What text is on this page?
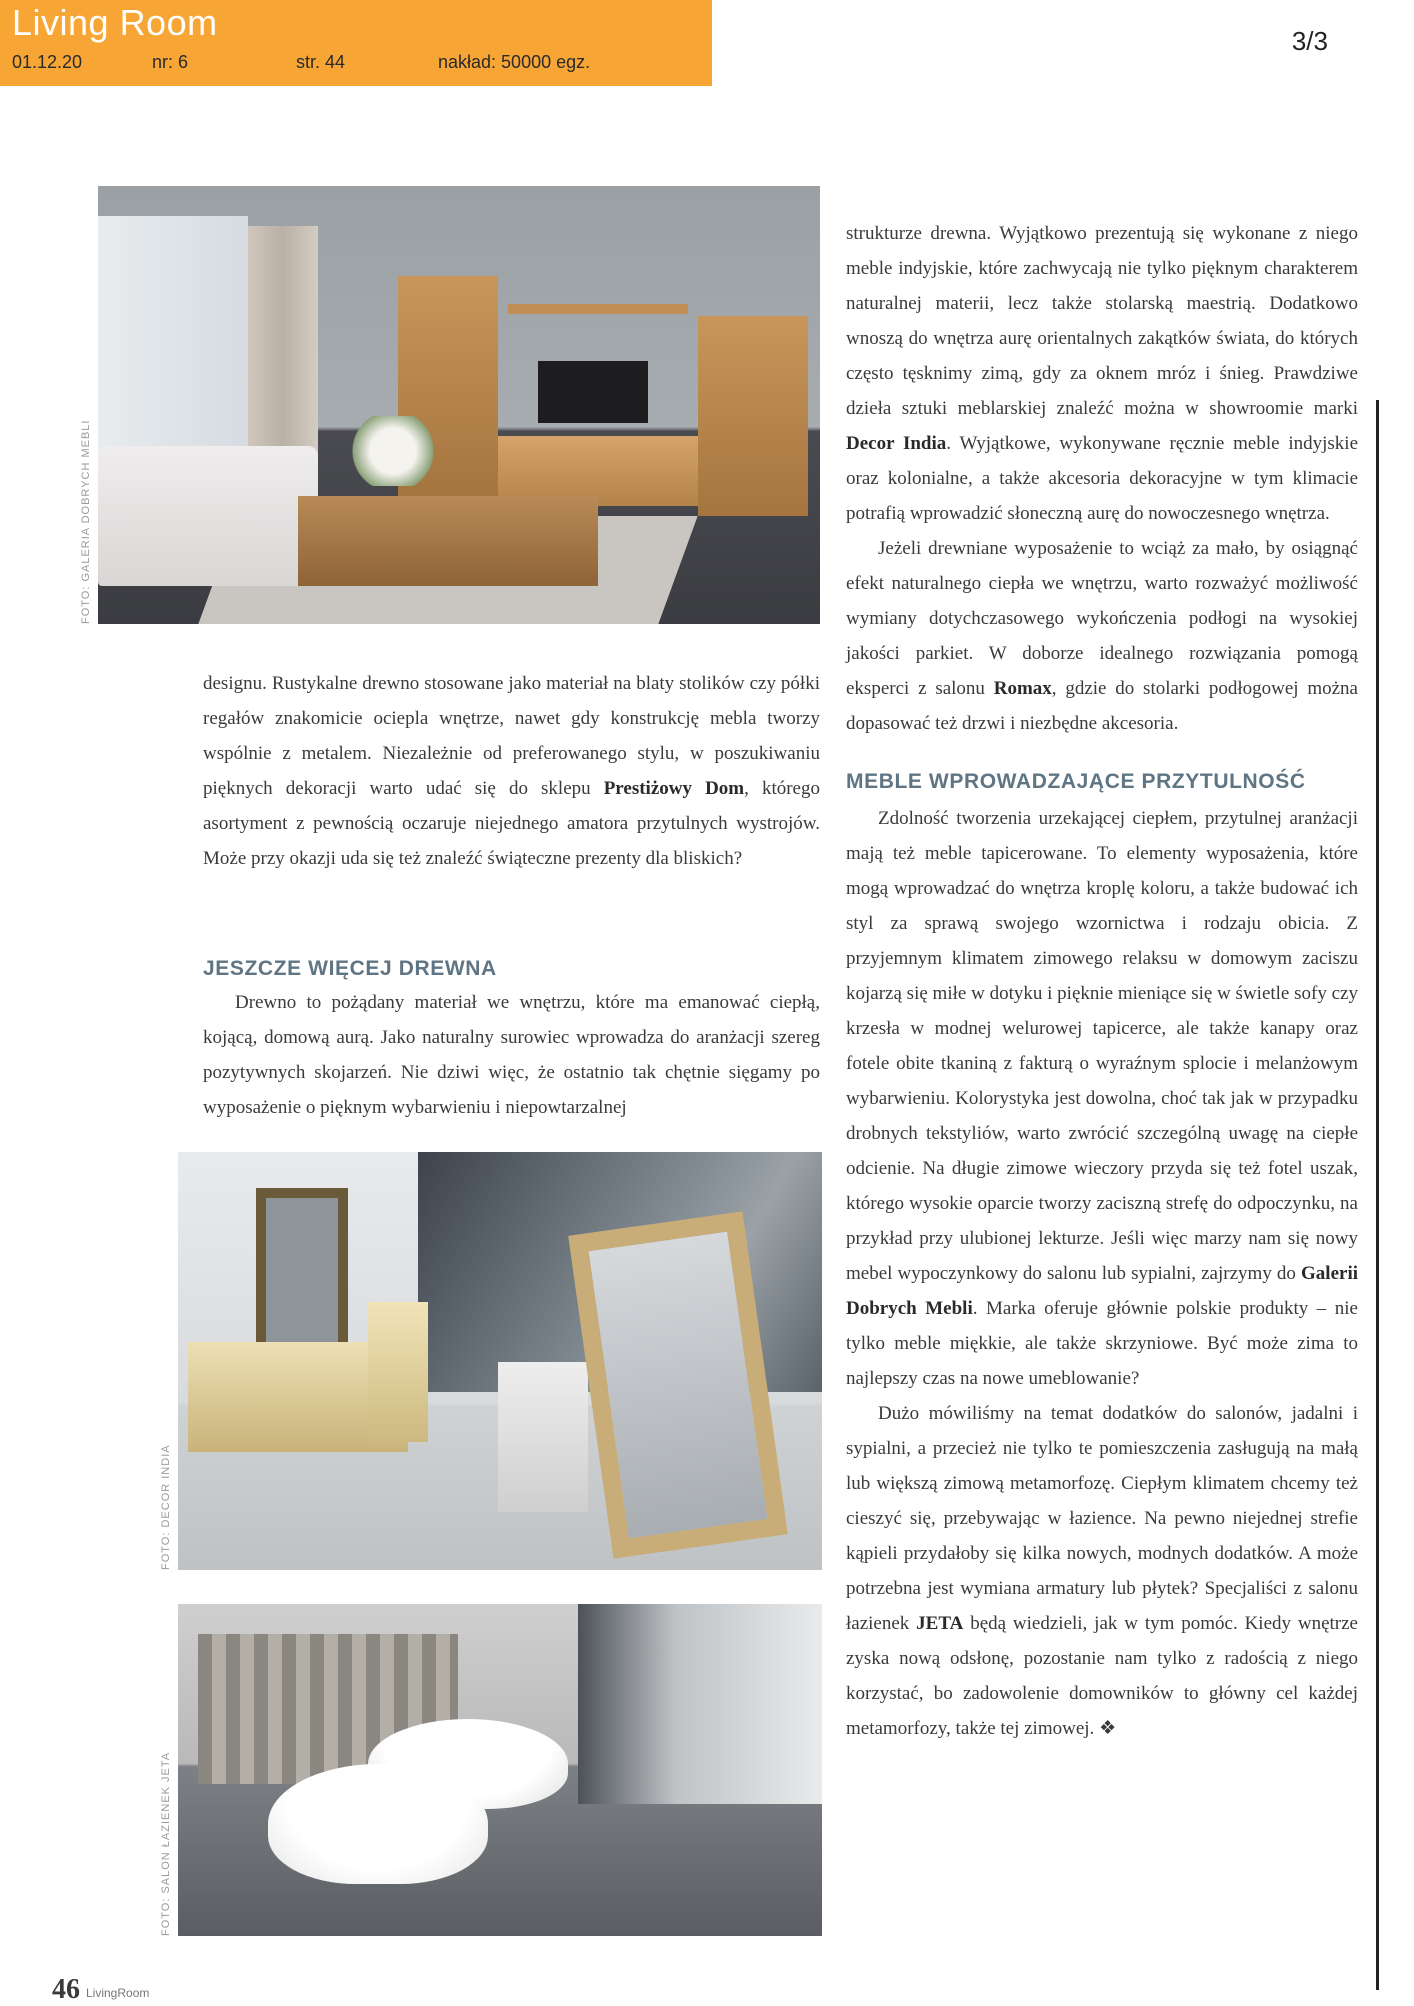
Living Room
01.12.20	nr: 6	str. 44	nakład: 50000 egz.
3/3
FOTO: GALERIA DOBRYCH MEBLI

designu. Rustykalne drewno stosowane jako materiał na blaty stolików czy półki regałów znakomicie ociepla wnętrze, nawet gdy konstrukcję mebla tworzy wspólnie z metalem. Niezależnie od preferowanego stylu, w poszukiwaniu pięknych dekoracji warto udać się do sklepu Prestiżowy Dom, którego asortyment z pewnością oczaruje niejednego amatora przytulnych wystrojów. Może przy okazji uda się też znaleźć świąteczne prezenty dla bliskich?

JESZCZE WIĘCEJ DREWNA

Drewno to pożądany materiał we wnętrzu, które ma emanować ciepłą, kojącą, domową aurą. Jako naturalny surowiec wprowadza do aranżacji szereg pozytywnych skojarzeń. Nie dziwi więc, że ostatnio tak chętnie sięgamy po wyposażenie o pięknym wybarwieniu i niepowtarzalnej

FOTO: DECOR INDIA
FOTO: SALON ŁAZIENEK JETA

strukturze drewna. Wyjątkowo prezentują się wykonane z niego meble indyjskie, które zachwycają nie tylko pięknym charakterem naturalnej materii, lecz także stolarską maestrią. Dodatkowo wnoszą do wnętrza aurę orientalnych zakątków świata, do których często tęsknimy zimą, gdy za oknem mróz i śnieg. Prawdziwe dzieła sztuki meblarskiej znaleźć można w showroomie marki Decor India. Wyjątkowe, wykonywane ręcznie meble indyjskie oraz kolonialne, a także akcesoria dekoracyjne w tym klimacie potrafią wprowadzić słoneczną aurę do nowoczesnego wnętrza.

Jeżeli drewniane wyposażenie to wciąż za mało, by osiągnąć efekt naturalnego ciepła we wnętrzu, warto rozważyć możliwość wymiany dotychczasowego wykończenia podłogi na wysokiej jakości parkiet. W doborze idealnego rozwiązania pomogą eksperci z salonu Romax, gdzie do stolarki podłogowej można dopasować też drzwi i niezbędne akcesoria.

MEBLE WPROWADZAJĄCE PRZYTULNOŚĆ

Zdolność tworzenia urzekającej ciepłem, przytulnej aranżacji mają też meble tapicerowane. To elementy wyposażenia, które mogą wprowadzać do wnętrza kroplę koloru, a także budować ich styl za sprawą swojego wzornictwa i rodzaju obicia. Z przyjemnym klimatem zimowego relaksu w domowym zaciszu kojarzą się miłe w dotyku i pięknie mieniące się w świetle sofy czy krzesła w modnej welurowej tapicerce, ale także kanapy oraz fotele obite tkaniną z fakturą o wyraźnym splocie i melanżowym wybarwieniu. Kolorystyka jest dowolna, choć tak jak w przypadku drobnych tekstyliów, warto zwrócić szczególną uwagę na ciepłe odcienie. Na długie zimowe wieczory przyda się też fotel uszak, którego wysokie oparcie tworzy zaciszną strefę do odpoczynku, na przykład przy ulubionej lekturze. Jeśli więc marzy nam się nowy mebel wypoczynkowy do salonu lub sypialni, zajrzymy do Galerii Dobrych Mebli. Marka oferuje głównie polskie produkty – nie tylko meble miękkie, ale także skrzyniowe. Być może zima to najlepszy czas na nowe umeblowanie?

Dużo mówiliśmy na temat dodatków do salonów, jadalni i sypialni, a przecież nie tylko te pomieszczenia zasługują na małą lub większą zimową metamorfozę. Ciepłym klimatem chcemy też cieszyć się, przebywając w łazience. Na pewno niejednej strefie kąpieli przydałoby się kilka nowych, modnych dodatków. A może potrzebna jest wymiana armatury lub płytek? Specjaliści z salonu łazienek JETA będą wiedzieli, jak w tym pomóc. Kiedy wnętrze zyska nową odsłonę, pozostanie nam tylko z radością z niego korzystać, bo zadowolenie domowników to główny cel każdej metamorfozy, także tej zimowej. ❖

46 LivingRoom
